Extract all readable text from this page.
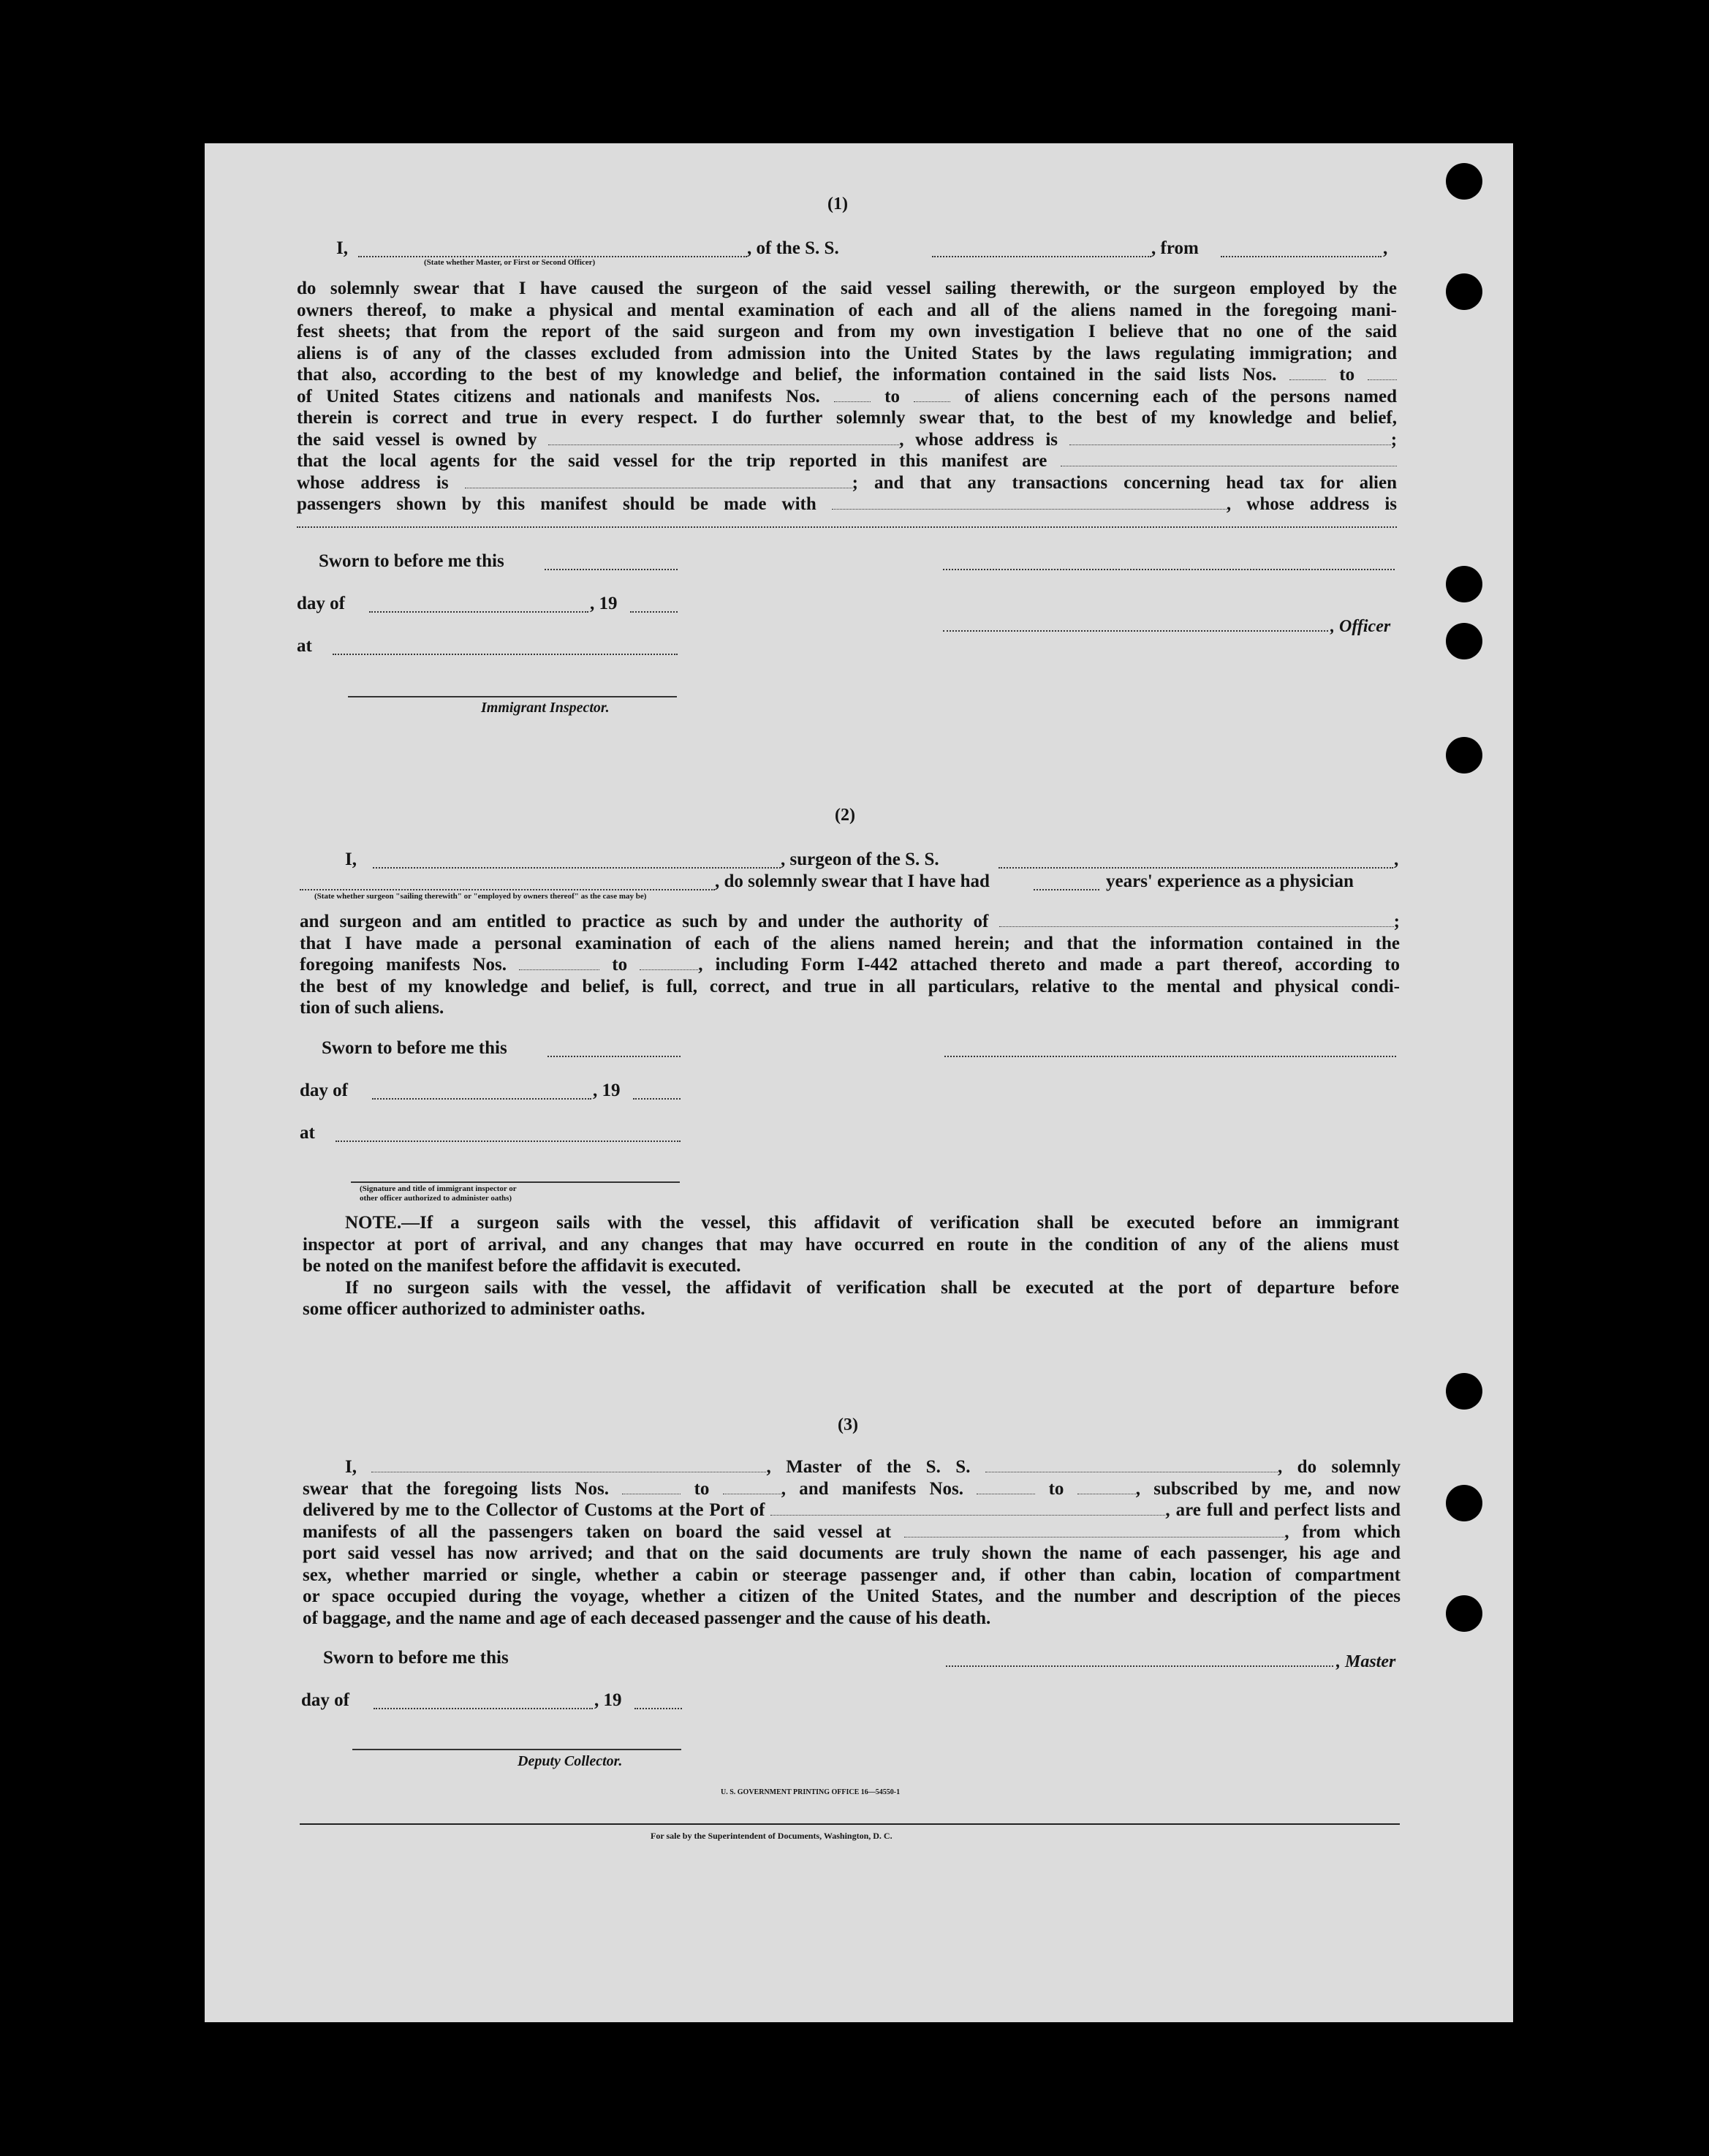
(1)
I,	, of the S. S.	, from	,
(State whether Master, or First or Second Officer)
do solemnly swear that I have caused the surgeon of the said vessel sailing therewith, or the surgeon employed by the
owners thereof, to make a physical and mental examination of each and all of the aliens named in the foregoing mani-
fest sheets; that from the report of the said surgeon and from my own investigation I believe that no one of the said
aliens is of any of the classes excluded from admission into the United States by the laws regulating immigration; and
that also, according to the best of my knowledge and belief, the information contained in the said lists Nos.	to
of United States citizens and nationals and manifests Nos.	to	of aliens concerning each of the persons named
therein is correct and true in every respect. I do further solemnly swear that, to the best of my knowledge and belief,
the said vessel is owned by	, whose address is	;
that the local agents for the said vessel for the trip reported in this manifest are
whose address is	; and that any transactions concerning head tax for alien
passengers shown by this manifest should be made with	, whose address is
Sworn to before me this
day of	, 19
, Officer
at
Immigrant Inspector.
(2)
I,	, surgeon of the S. S.	,
, do solemnly swear that I have had	years' experience as a physician
(State whether surgeon "sailing therewith" or "employed by owners thereof" as the case may be)
and surgeon and am entitled to practice as such by and under the authority of	;
that I have made a personal examination of each of the aliens named herein; and that the information contained in the
foregoing manifests Nos.	to	, including Form I-442 attached thereto and made a part thereof, according to
the best of my knowledge and belief, is full, correct, and true in all particulars, relative to the mental and physical condi-
tion of such aliens.
Sworn to before me this
day of	, 19
at
(Signature and title of immigrant inspector or
other officer authorized to administer oaths)
NOTE.—If a surgeon sails with the vessel, this affidavit of verification shall be executed before an immigrant
inspector at port of arrival, and any changes that may have occurred en route in the condition of any of the aliens must
be noted on the manifest before the affidavit is executed.
If no surgeon sails with the vessel, the affidavit of verification shall be executed at the port of departure before
some officer authorized to administer oaths.
(3)
I,	, Master of the S. S.	, do solemnly
swear that the foregoing lists Nos.	to	, and manifests Nos.	to	, subscribed by me, and now
delivered by me to the Collector of Customs at the Port of	, are full and perfect lists and
manifests of all the passengers taken on board the said vessel at	, from which
port said vessel has now arrived; and that on the said documents are truly shown the name of each passenger, his age and
sex, whether married or single, whether a cabin or steerage passenger and, if other than cabin, location of compartment
or space occupied during the voyage, whether a citizen of the United States, and the number and description of the pieces
of baggage, and the name and age of each deceased passenger and the cause of his death.
Sworn to before me this	, Master
day of	, 19
Deputy Collector.
U. S. GOVERNMENT PRINTING OFFICE 16—54550-1
For sale by the Superintendent of Documents, Washington, D. C.
